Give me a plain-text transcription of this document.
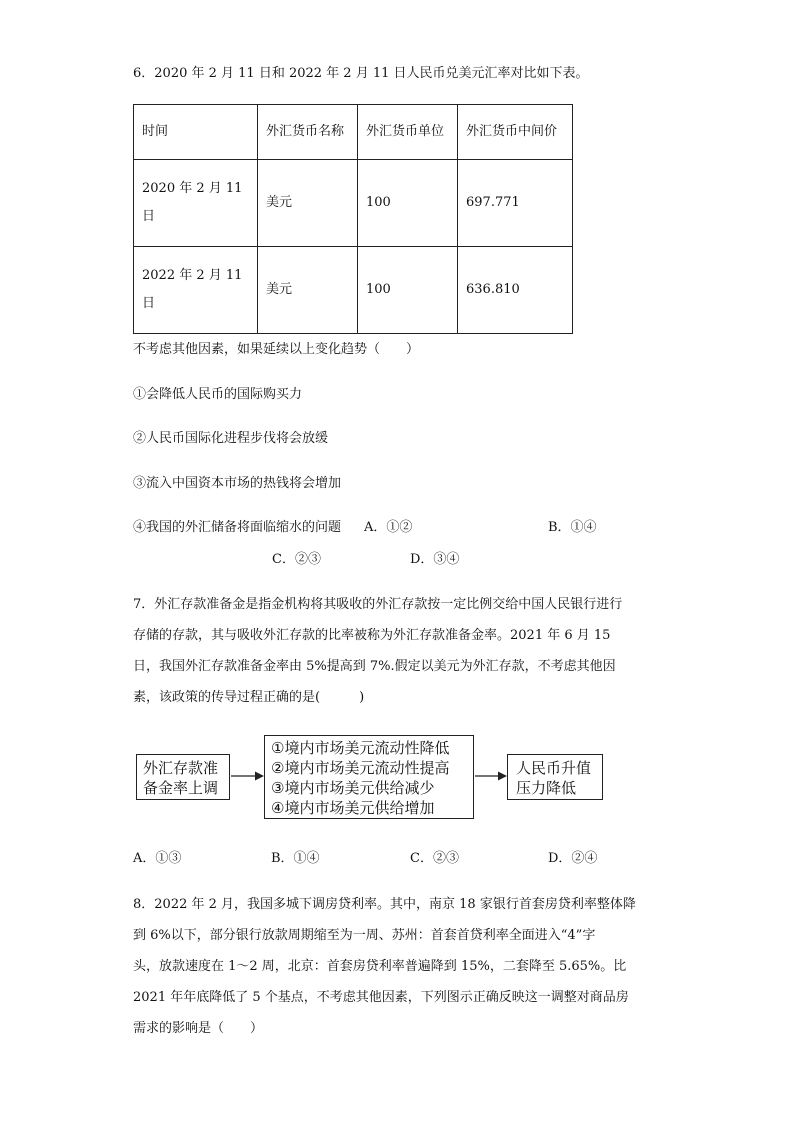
6．2020 年 2 月 11 日和 2022 年 2 月 11 日人民币兑美元汇率对比如下表。
时间	外汇货币名称	外汇货币单位	外汇货币中间价

2020 年 2 月 11
日	美元	100	697.771

2022 年 2 月 11
日	美元	100	636.810
不考虑其他因素，如果延续以上变化趋势（　　）
①会降低人民币的国际购买力
②人民币国际化进程步伐将会放缓
③流入中国资本市场的热钱将会增加
④我国的外汇储备将面临缩水的问题 A．①②	B．①④
C．②③	D．③④
7．外汇存款准备金是指金机构将其吸收的外汇存款按一定比例交给中国人民银行进行
存储的存款，其与吸收外汇存款的比率被称为外汇存款准备金率。2021 年 6 月 15
日，我国外汇存款准备金率由 5%提高到 7%.假定以美元为外汇存款，不考虑其他因
素，该政策的传导过程正确的是(　　　)
外汇存款准
备金率上调
①境内市场美元流动性降低
②境内市场美元流动性提高
③境内市场美元供给减少
④境内市场美元供给增加
人民币升值
压力降低
A．①③	B．①④	C．②③	D．②④
8．2022 年 2 月，我国多城下调房贷利率。其中，南京 18 家银行首套房贷利率整体降
到 6%以下，部分银行放款周期缩至为一周、苏州：首套首贷利率全面进入“4”字
头，放款速度在 1～2 周，北京：首套房贷利率普遍降到 15%，二套降至 5.65%。比
2021 年年底降低了 5 个基点，不考虑其他因素，下列图示正确反映这一调整对商品房
需求的影响是（　　）
